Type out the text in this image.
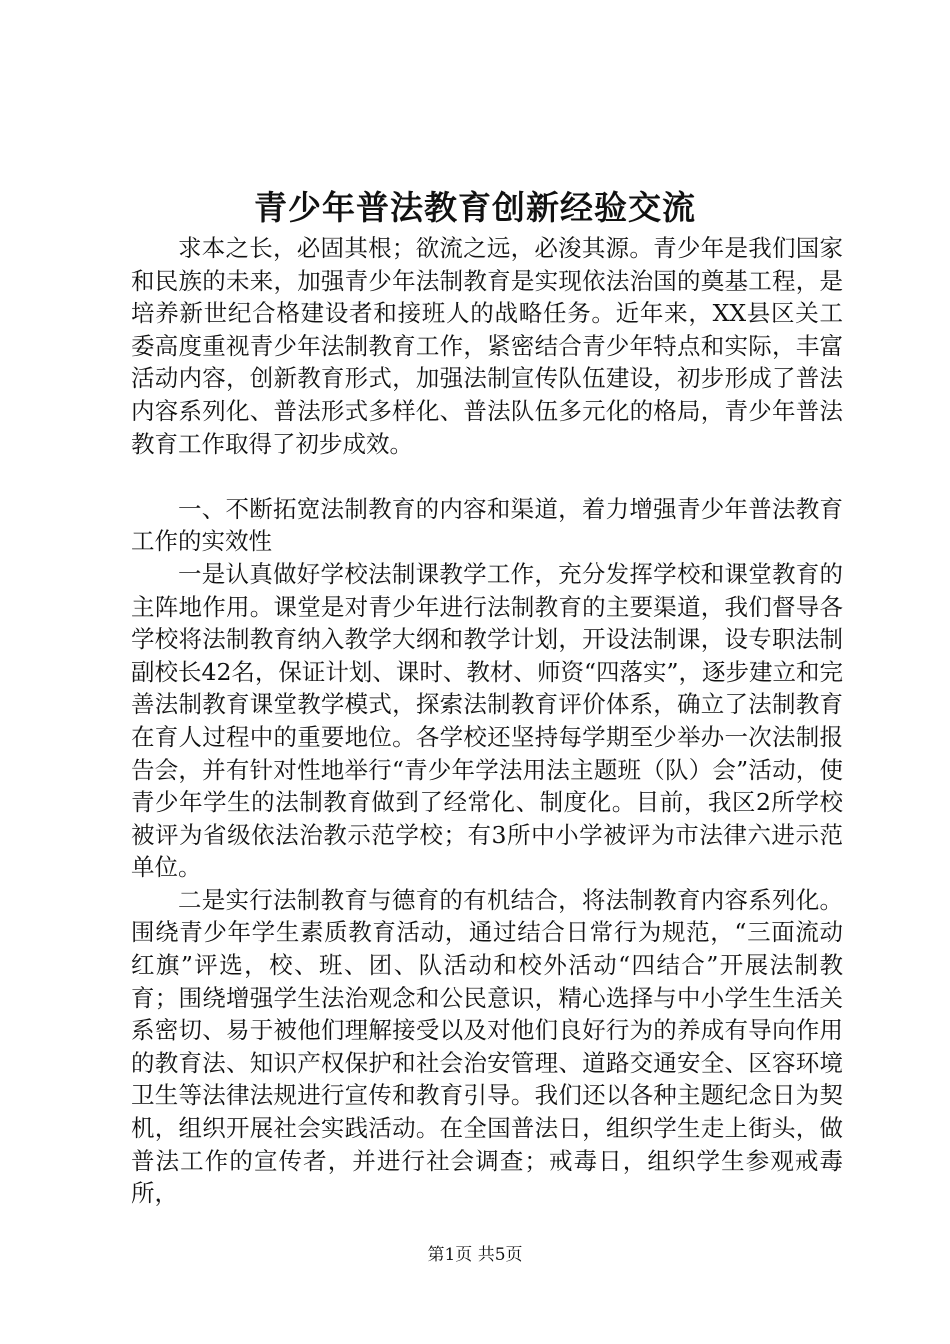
青少年普法教育创新经验交流

求本之长，必固其根；欲流之远，必浚其源。青少年是我们国家和民族的未来，加强青少年法制教育是实现依法治国的奠基工程，是培养新世纪合格建设者和接班人的战略任务。近年来，XX县区关工委高度重视青少年法制教育工作，紧密结合青少年特点和实际，丰富活动内容，创新教育形式，加强法制宣传队伍建设，初步形成了普法内容系列化、普法形式多样化、普法队伍多元化的格局，青少年普法教育工作取得了初步成效。

一、不断拓宽法制教育的内容和渠道，着力增强青少年普法教育工作的实效性

一是认真做好学校法制课教学工作，充分发挥学校和课堂教育的主阵地作用。课堂是对青少年进行法制教育的主要渠道，我们督导各学校将法制教育纳入教学大纲和教学计划，开设法制课，设专职法制副校长42名，保证计划、课时、教材、师资“四落实”，逐步建立和完善法制教育课堂教学模式，探索法制教育评价体系，确立了法制教育在育人过程中的重要地位。各学校还坚持每学期至少举办一次法制报告会，并有针对性地举行“青少年学法用法主题班（队）会”活动，使青少年学生的法制教育做到了经常化、制度化。目前，我区2所学校被评为省级依法治教示范学校；有3所中小学被评为市法律六进示范单位。

二是实行法制教育与德育的有机结合，将法制教育内容系列化。围绕青少年学生素质教育活动，通过结合日常行为规范，“三面流动红旗”评选，校、班、团、队活动和校外活动“四结合”开展法制教育；围绕增强学生法治观念和公民意识，精心选择与中小学生生活关系密切、易于被他们理解接受以及对他们良好行为的养成有导向作用的教育法、知识产权保护和社会治安管理、道路交通安全、区容环境卫生等法律法规进行宣传和教育引导。我们还以各种主题纪念日为契机，组织开展社会实践活动。在全国普法日，组织学生走上街头，做普法工作的宣传者，并进行社会调查；戒毒日，组织学生参观戒毒所，

第1页 共5页
